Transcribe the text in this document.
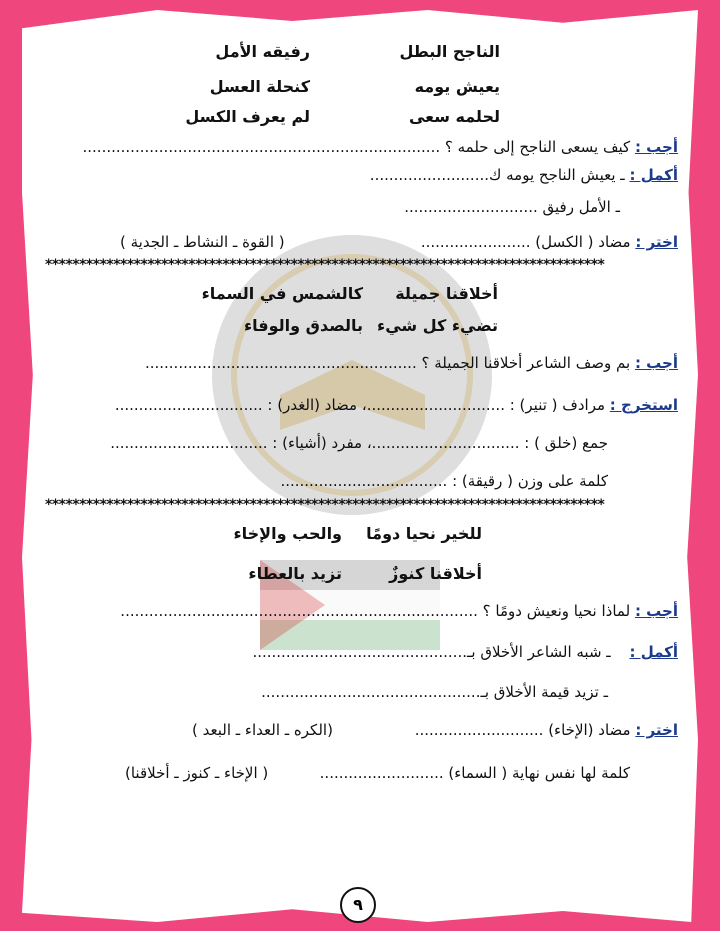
الناجح البطلرفيقه الأمل
يعيش يومهكنحلة العسل
لحلمه سعىلم يعرف الكسل
أجب : كيف يسعى الناجح إلى حلمه ؟ ...........................................................................
أكمل : ـ يعيش الناجح يومه ك.........................
ـ الأمل رفيق ............................
اختر : مضاد ( الكسل) .......................
( القوة ـ النشاط ـ الجدية )
**********************************************************************************
أخلاقنا جميلةكالشمس في السماء
تضيء كل شيءبالصدق والوفاء
أجب : بم وصف الشاعر أخلاقنا الجميلة ؟ .........................................................
استخرج : مرادف ( تنير) : .............................، مضاد (الغدر) : ...............................
جمع (خلق ) : ...............................، مفرد (أشياء) : .................................
كلمة على وزن ( رقيقة) : ...................................
**********************************************************************************
للخير نحيا دومًاوالحب والإخاء
أخلاقنا كنوزٌتزيد بالعطاء
أجب : لماذا نحيا ونعيش دومًا ؟ ...........................................................................
أكمل : ـ شبه الشاعر الأخلاق بـ.............................................
ـ تزيد قيمة الأخلاق بـ..............................................
اختر : مضاد (الإخاء) ...........................
(الكره ـ العداء ـ البعد )
كلمة لها نفس نهاية ( السماء) ..........................
( الإخاء ـ كنوز ـ أخلاقنا)
٩
